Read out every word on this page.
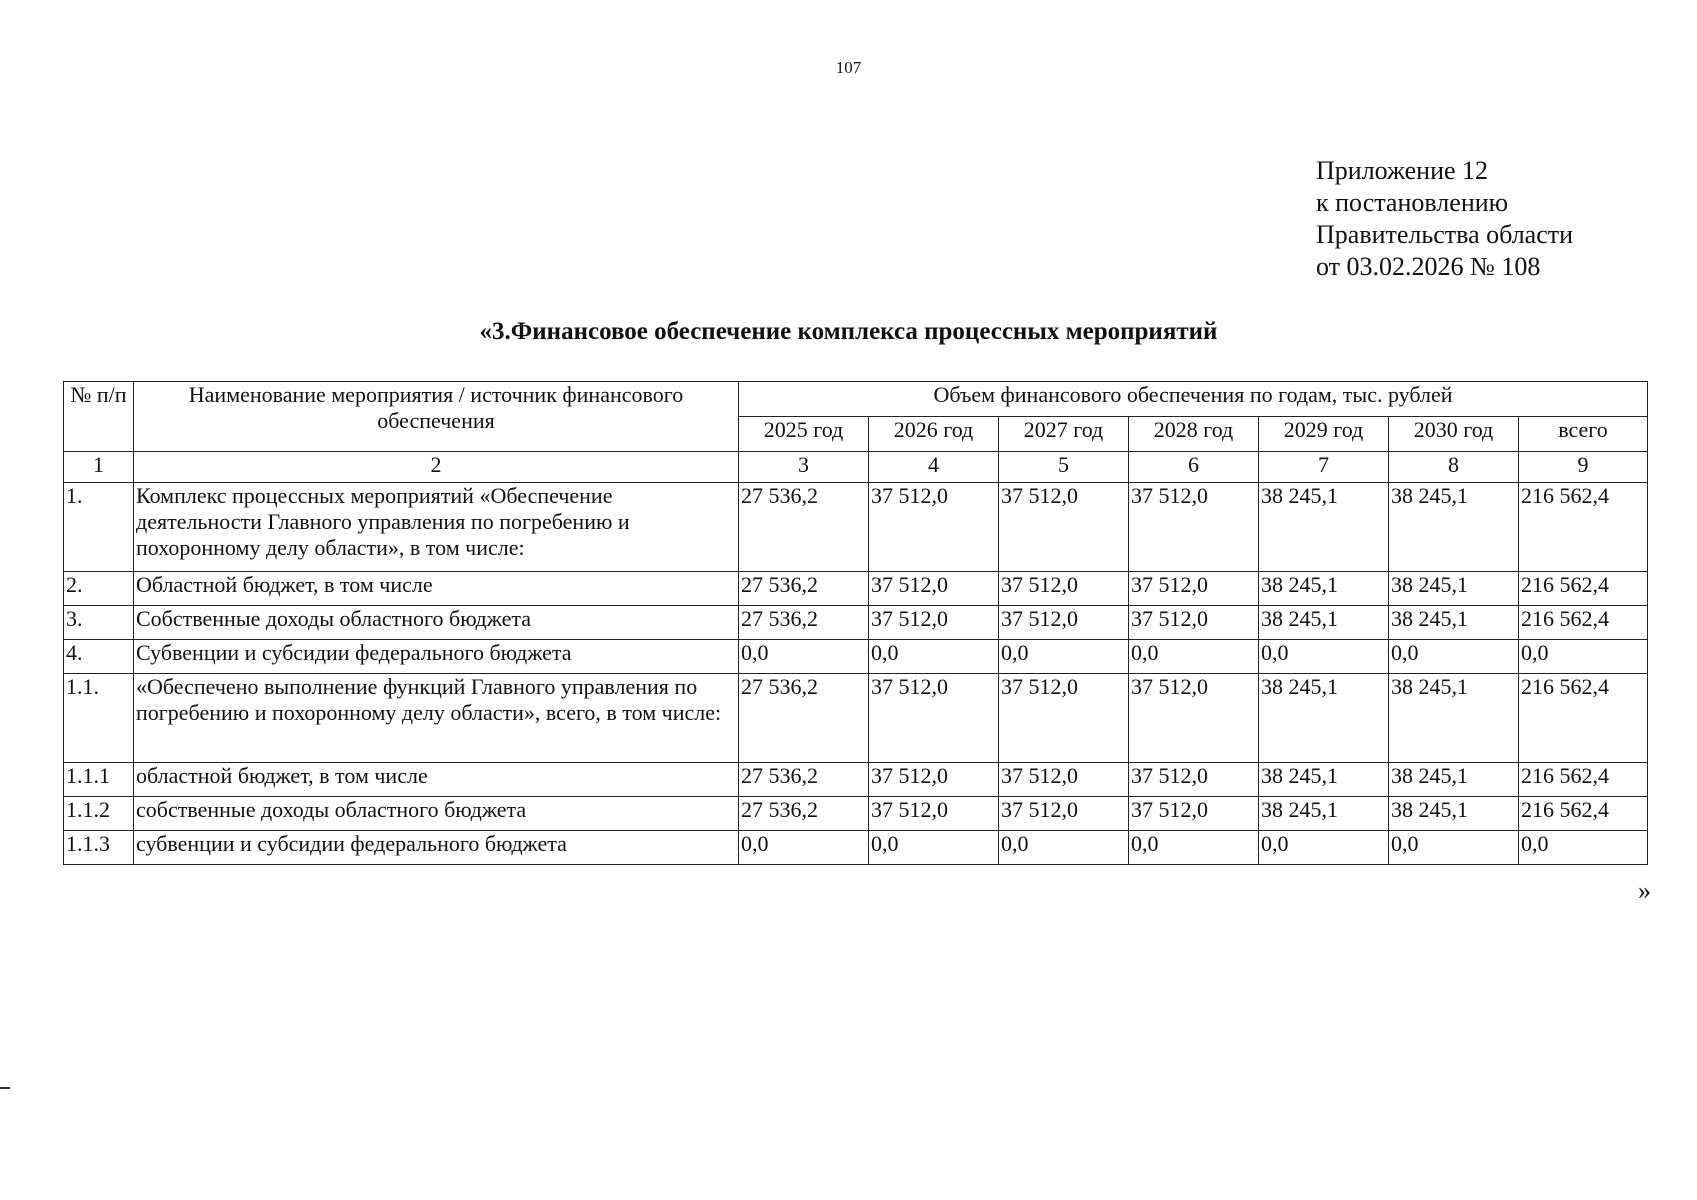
107
Приложение 12
к постановлению
Правительства области
от 03.02.2026 № 108
«3.Финансовое обеспечение комплекса процессных мероприятий
№ п/п	Наименование мероприятия / источник финансового обеспечения	Объем финансового обеспечения по годам, тыс. рублей						
		2025 год	2026 год	2027 год	2028 год	2029 год	2030 год	всего
1	2	3	4	5	6	7	8	9
1.	Комплекс процессных мероприятий «Обеспечение деятельности Главного управления по погребению и похоронному делу области», в том числе:	27 536,2	37 512,0	37 512,0	37 512,0	38 245,1	38 245,1	216 562,4
2.	Областной бюджет, в том числе	27 536,2	37 512,0	37 512,0	37 512,0	38 245,1	38 245,1	216 562,4
3.	Собственные доходы областного бюджета	27 536,2	37 512,0	37 512,0	37 512,0	38 245,1	38 245,1	216 562,4
4.	Субвенции и субсидии федерального бюджета	0,0	0,0	0,0	0,0	0,0	0,0	0,0
1.1.	«Обеспечено выполнение функций Главного управления по погребению и похоронному делу области», всего, в том числе:	27 536,2	37 512,0	37 512,0	37 512,0	38 245,1	38 245,1	216 562,4
1.1.1	областной бюджет, в том числе	27 536,2	37 512,0	37 512,0	37 512,0	38 245,1	38 245,1	216 562,4
1.1.2	собственные доходы областного бюджета	27 536,2	37 512,0	37 512,0	37 512,0	38 245,1	38 245,1	216 562,4
1.1.3	субвенции и субсидии федерального бюджета	0,0	0,0	0,0	0,0	0,0	0,0	0,0
»
